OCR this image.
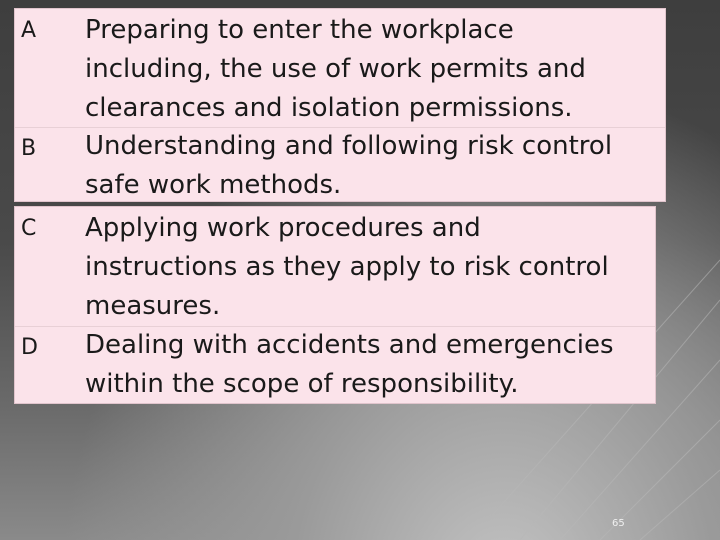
A Preparing to enter the workplace
including, the use of work permits and
clearances and isolation permissions.
B Understanding and following risk control
safe work methods.
C Applying work procedures and
instructions as they apply to risk control
measures.
D Dealing with accidents and emergencies
within the scope of responsibility.
65
